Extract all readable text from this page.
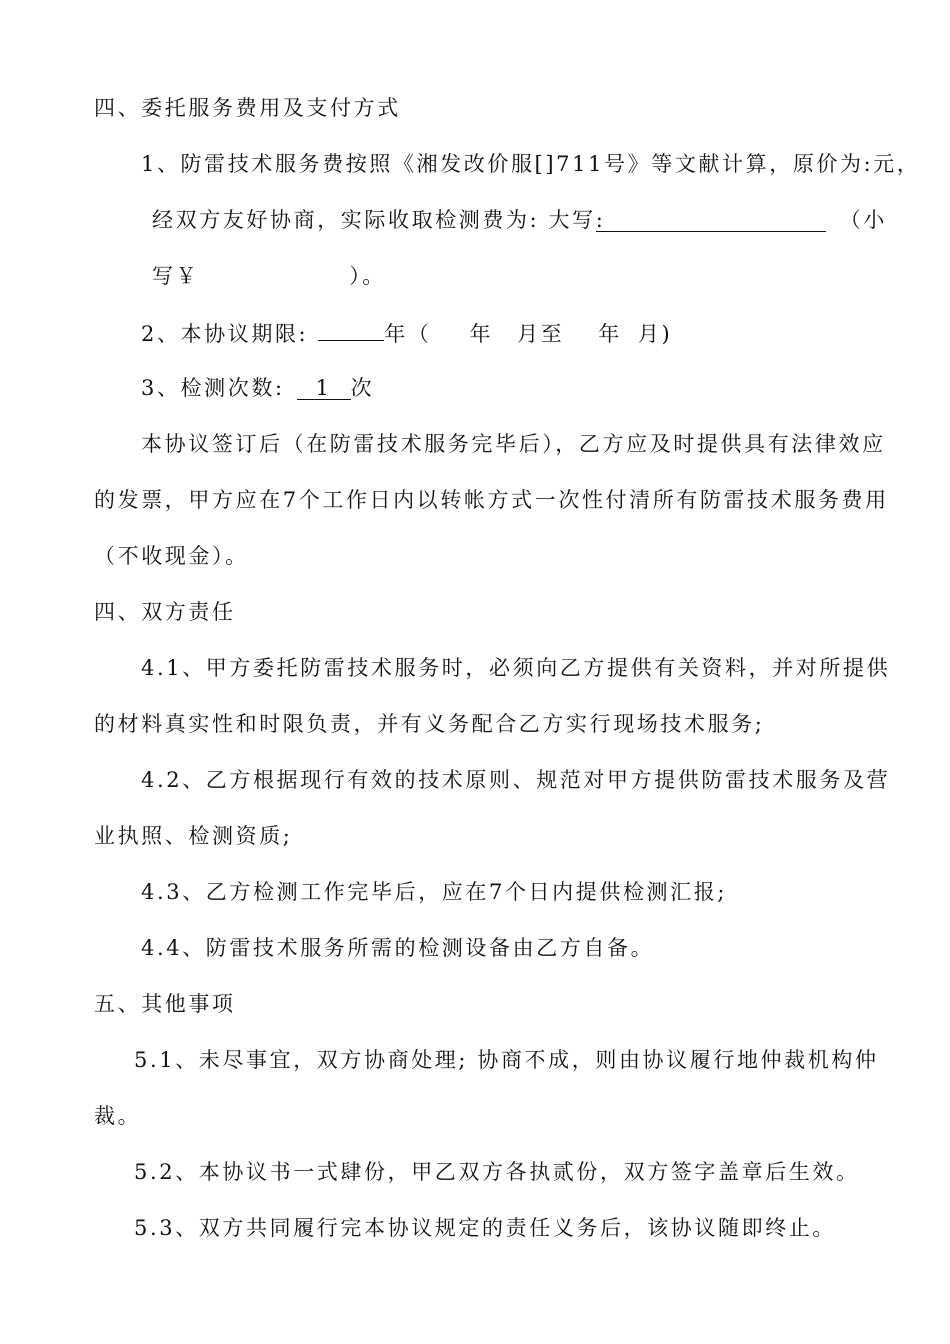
四、委托服务费用及支付方式
1、防雷技术服务费按照《湘发改价服[]711号》等文献计算，原价为:元，
经双方友好协商，实际收取检测费为: 大写:	（小
写￥	）。
2、本协议期限:	年（ 年 月至 年 月)
3、检测次数: 1 次
本协议签订后（在防雷技术服务完毕后），乙方应及时提供具有法律效应
的发票，甲方应在7个工作日内以转帐方式一次性付清所有防雷技术服务费用
（不收现金）。
四、双方责任
4.1、甲方委托防雷技术服务时，必须向乙方提供有关资料，并对所提供
的材料真实性和时限负责，并有义务配合乙方实行现场技术服务;
4.2、乙方根据现行有效的技术原则、规范对甲方提供防雷技术服务及营
业执照、检测资质;
4.3、乙方检测工作完毕后，应在7个日内提供检测汇报;
4.4、防雷技术服务所需的检测设备由乙方自备。
五、其他事项
5.1、未尽事宜，双方协商处理; 协商不成，则由协议履行地仲裁机构仲
裁。
5.2、本协议书一式肆份，甲乙双方各执贰份，双方签字盖章后生效。
5.3、双方共同履行完本协议规定的责任义务后，该协议随即终止。
